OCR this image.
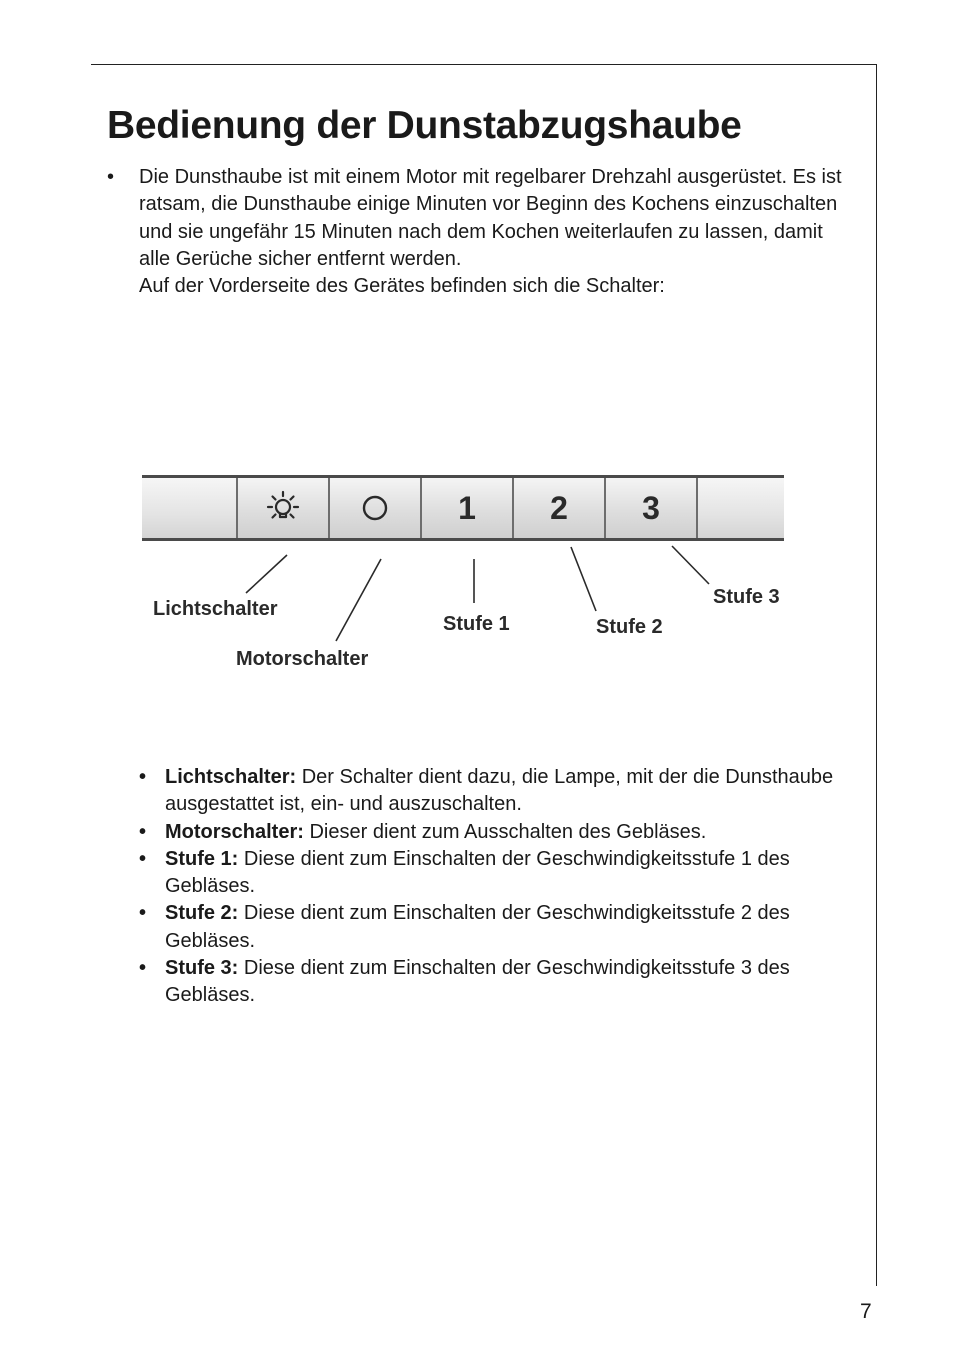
Bedienung der Dunstabzugshaube
•	Die Dunsthaube ist mit einem Motor mit regelbarer Drehzahl ausgerüstet. Es ist ratsam, die Dunsthaube einige Minuten vor Beginn des Kochens einzuschalten und sie ungefähr 15 Minuten nach dem Kochen weiterlaufen zu lassen, damit alle Gerüche sicher entfernt werden.
Auf der Vorderseite des Gerätes befinden sich die Schalter:
1 2 3
Lichtschalter
Motorschalter
Stufe 1	Stufe 2
Stufe 3
• Lichtschalter: Der Schalter dient dazu, die Lampe, mit der die Dunsthaube ausgestattet ist, ein- und auszuschalten.
• Motorschalter: Dieser dient zum Ausschalten des Gebläses.
• Stufe 1: Diese dient zum Einschalten der Geschwindigkeitsstufe 1 des Gebläses.
• Stufe 2: Diese dient zum Einschalten der Geschwindigkeitsstufe 2 des Gebläses.
• Stufe 3: Diese dient zum Einschalten der Geschwindigkeitsstufe 3 des Gebläses.
7
